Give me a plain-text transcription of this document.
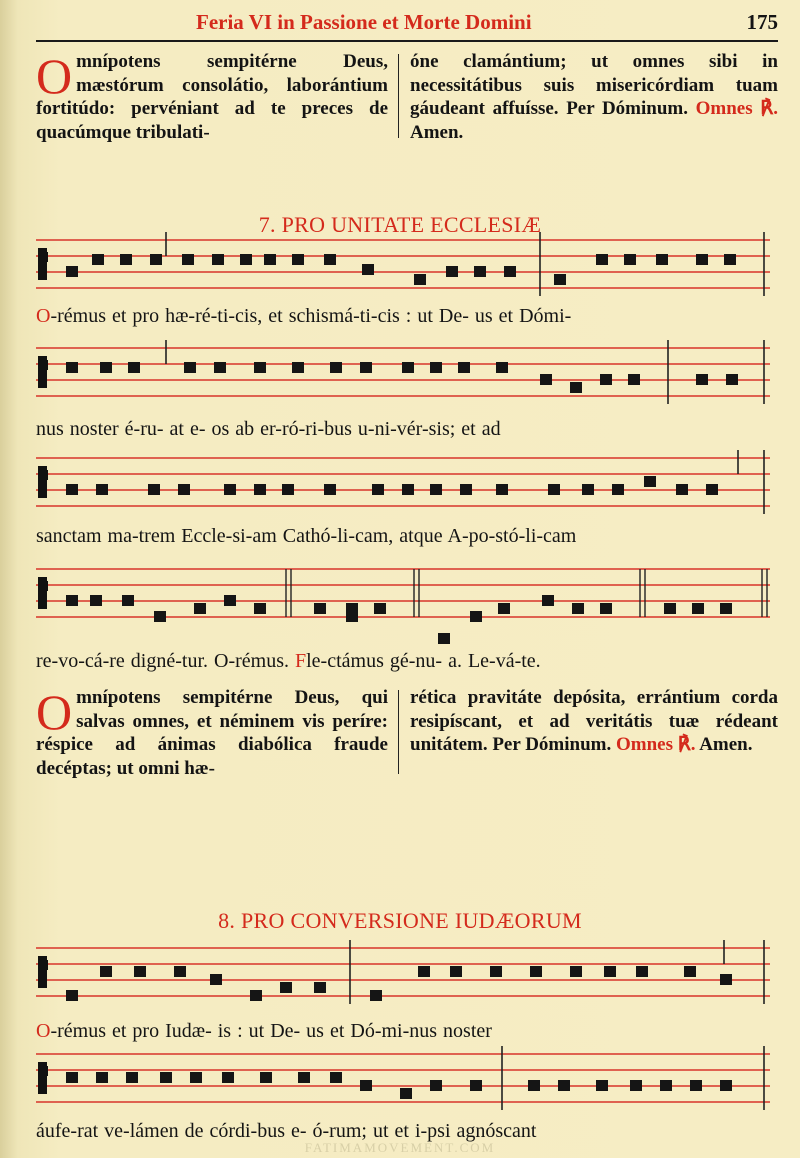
Feria VI in Passione et Morte Domini	175
Omnípotens sempitérne Deus, mæstórum consolátio, laborántium fortitúdo: pervéniant ad te preces de quacúmque tribulati-
óne clamántium; ut omnes sibi in necessitátibus suis misericórdiam tuam gáudeant affuísse. Per Dóminum. Omnes ℟. Amen.
7. PRO UNITATE ECCLESIÆ
O-rémus et pro hæ-ré-ti-cis, et schismá-ti-cis : ut De- us et Dómi-
nus noster é-ru- at e- os ab er-ró-ri-bus u-ni-vér-sis; et ad
sanctam ma-trem Eccle-si-am Cathó-li-cam, atque A-po-stó-li-cam
re-vo-cá-re digné-tur. O-rémus. Fle-ctámus gé-nu- a. Le-vá-te.
Omnípotens sempitérne Deus, qui salvas omnes, et néminem vis períre: réspice ad ánimas diabólica fraude decéptas; ut omni hæ-
rética pravitáte depósita, errántium corda resipíscant, et ad veritátis tuæ rédeant unitátem. Per Dóminum. Omnes ℟. Amen.
8. PRO CONVERSIONE IUDÆORUM
O-rémus et pro Iudæ- is : ut De- us et Dó-mi-nus noster
áufe-rat ve-lámen de córdi-bus e- ó-rum; ut et i-psi agnóscant
FATIMAMOVEMENT.COM
